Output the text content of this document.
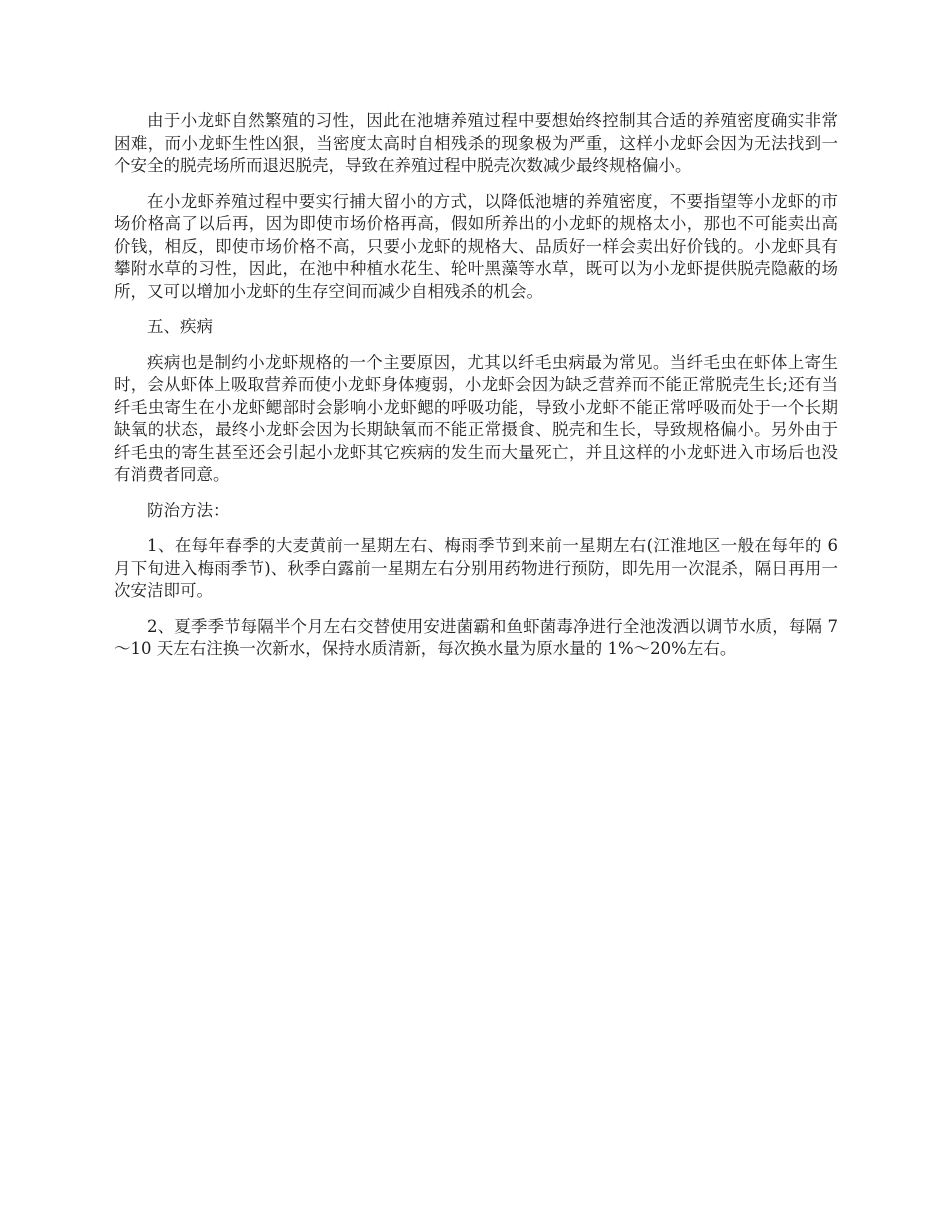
由于小龙虾自然繁殖的习性，因此在池塘养殖过程中要想始终控制其合适的养殖密度确实非常困难，而小龙虾生性凶狠，当密度太高时自相残杀的现象极为严重，这样小龙虾会因为无法找到一个安全的脱壳场所而退迟脱壳，导致在养殖过程中脱壳次数减少最终规格偏小。

在小龙虾养殖过程中要实行捕大留小的方式，以降低池塘的养殖密度，不要指望等小龙虾的市场价格高了以后再，因为即使市场价格再高，假如所养出的小龙虾的规格太小，那也不可能卖出高价钱，相反，即使市场价格不高，只要小龙虾的规格大、品质好一样会卖出好价钱的。小龙虾具有攀附水草的习性，因此，在池中种植水花生、轮叶黑藻等水草，既可以为小龙虾提供脱壳隐蔽的场所，又可以增加小龙虾的生存空间而减少自相残杀的机会。

五、疾病

疾病也是制约小龙虾规格的一个主要原因，尤其以纤毛虫病最为常见。当纤毛虫在虾体上寄生时，会从虾体上吸取营养而使小龙虾身体瘦弱，小龙虾会因为缺乏营养而不能正常脱壳生长;还有当纤毛虫寄生在小龙虾鳃部时会影响小龙虾鳃的呼吸功能，导致小龙虾不能正常呼吸而处于一个长期缺氧的状态，最终小龙虾会因为长期缺氧而不能正常摄食、脱壳和生长，导致规格偏小。另外由于纤毛虫的寄生甚至还会引起小龙虾其它疾病的发生而大量死亡，并且这样的小龙虾进入市场后也没有消费者同意。

防治方法：

1、在每年春季的大麦黄前一星期左右、梅雨季节到来前一星期左右(江淮地区一般在每年的 6 月下旬进入梅雨季节)、秋季白露前一星期左右分别用药物进行预防，即先用一次混杀，隔日再用一次安洁即可。

2、夏季季节每隔半个月左右交替使用安进菌霸和鱼虾菌毒净进行全池泼洒以调节水质，每隔 7～10 天左右注换一次新水，保持水质清新，每次换水量为原水量的 1%～20%左右。
